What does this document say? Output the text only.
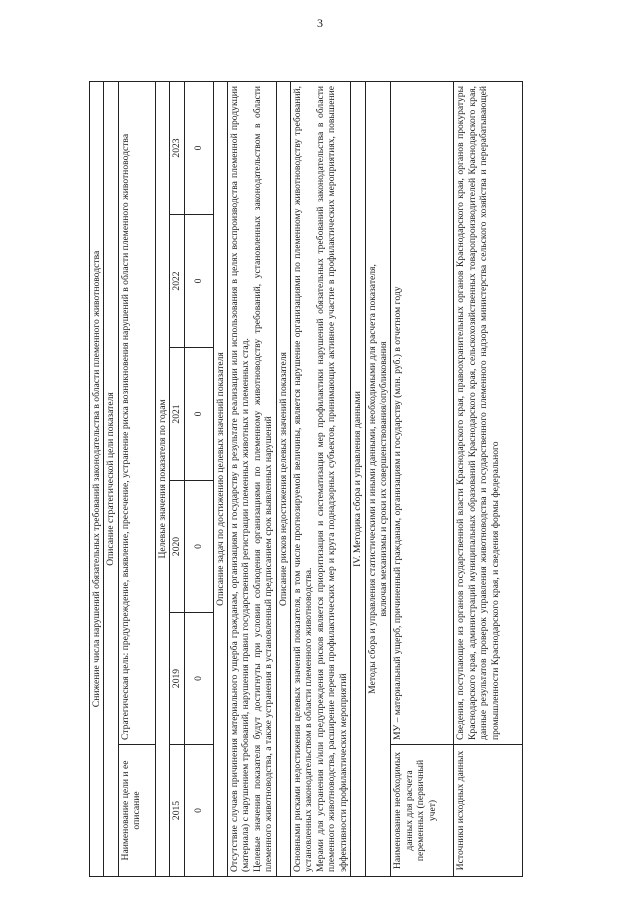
3
Снижение числа нарушений обязательных требований законодательства в области племенного животноводства					
Описание стратегической цели показателя					
Наименование цели и ее описание	Стратегическая цель: предупреждение, выявление, пресечение, устранение риска возникновения нарушений в области племенного животноводства				
Целевые значения показателя по годам					
2015	2019	2020	2021	2022	2023
0	0	0	0	0	0
Описание задач по достижению целевых значений показателя					
Отсутствие случаев причинения материального ущерба гражданам, организациям и государству в результате реализации или использования в целях воспроизводства племенной продукции (материала) с нарушением требований, нарушения правил государственной регистрации племенных животных и племенных стад.
Целевые значения показателя будут достигнуты при условии соблюдения организациями по племенному животноводству требований, установленных законодательством в области племенного животноводства, а также устранения в установленный предписанием срок выявленных нарушений					
Описание рисков недостижения целевых значений показателя					
Основными рисками недостижения целевых значений показателя, в том числе прогнозируемой величины, является нарушение организациями по племенному животноводству требований, установленных законодательством в области племенного животноводства.
Мерами для устранения и/или предупреждения рисков является приоритизация и систематизация мер профилактики нарушений обязательных требований законодательства в области племенного животноводства, расширение перечня профилактических мер и круга поднадзорных субъектов, принимающих активное участие в профилактических мероприятиях, повышение эффективности профилактических мероприятий					
IV. Методика сбора и управления данными					

Методы сбора и управления статистическими и иными данными, необходимыми для расчета показателя, включая механизмы и сроки их совершенствования/опубликования					

Наименование необходимых данных для расчета переменных (первичный учет)	МУ – материальный ущерб, причиненный гражданам, организациям и государству (млн. руб.) в отчетном году				
Источники исходных данных	Сведения, поступающие из органов государственной власти Краснодарского края, правоохранительных органов Краснодарского края, органов прокуратуры Краснодарского края, администраций муниципальных образований Краснодарского края, сельскохозяйственных товаропроизводителей Краснодарского края, данные результатов проверок управления животноводства и государственного племенного надзора министерства сельского хозяйства и перерабатывающей промышленности Краснодарского края, и сведения формы федерального				
